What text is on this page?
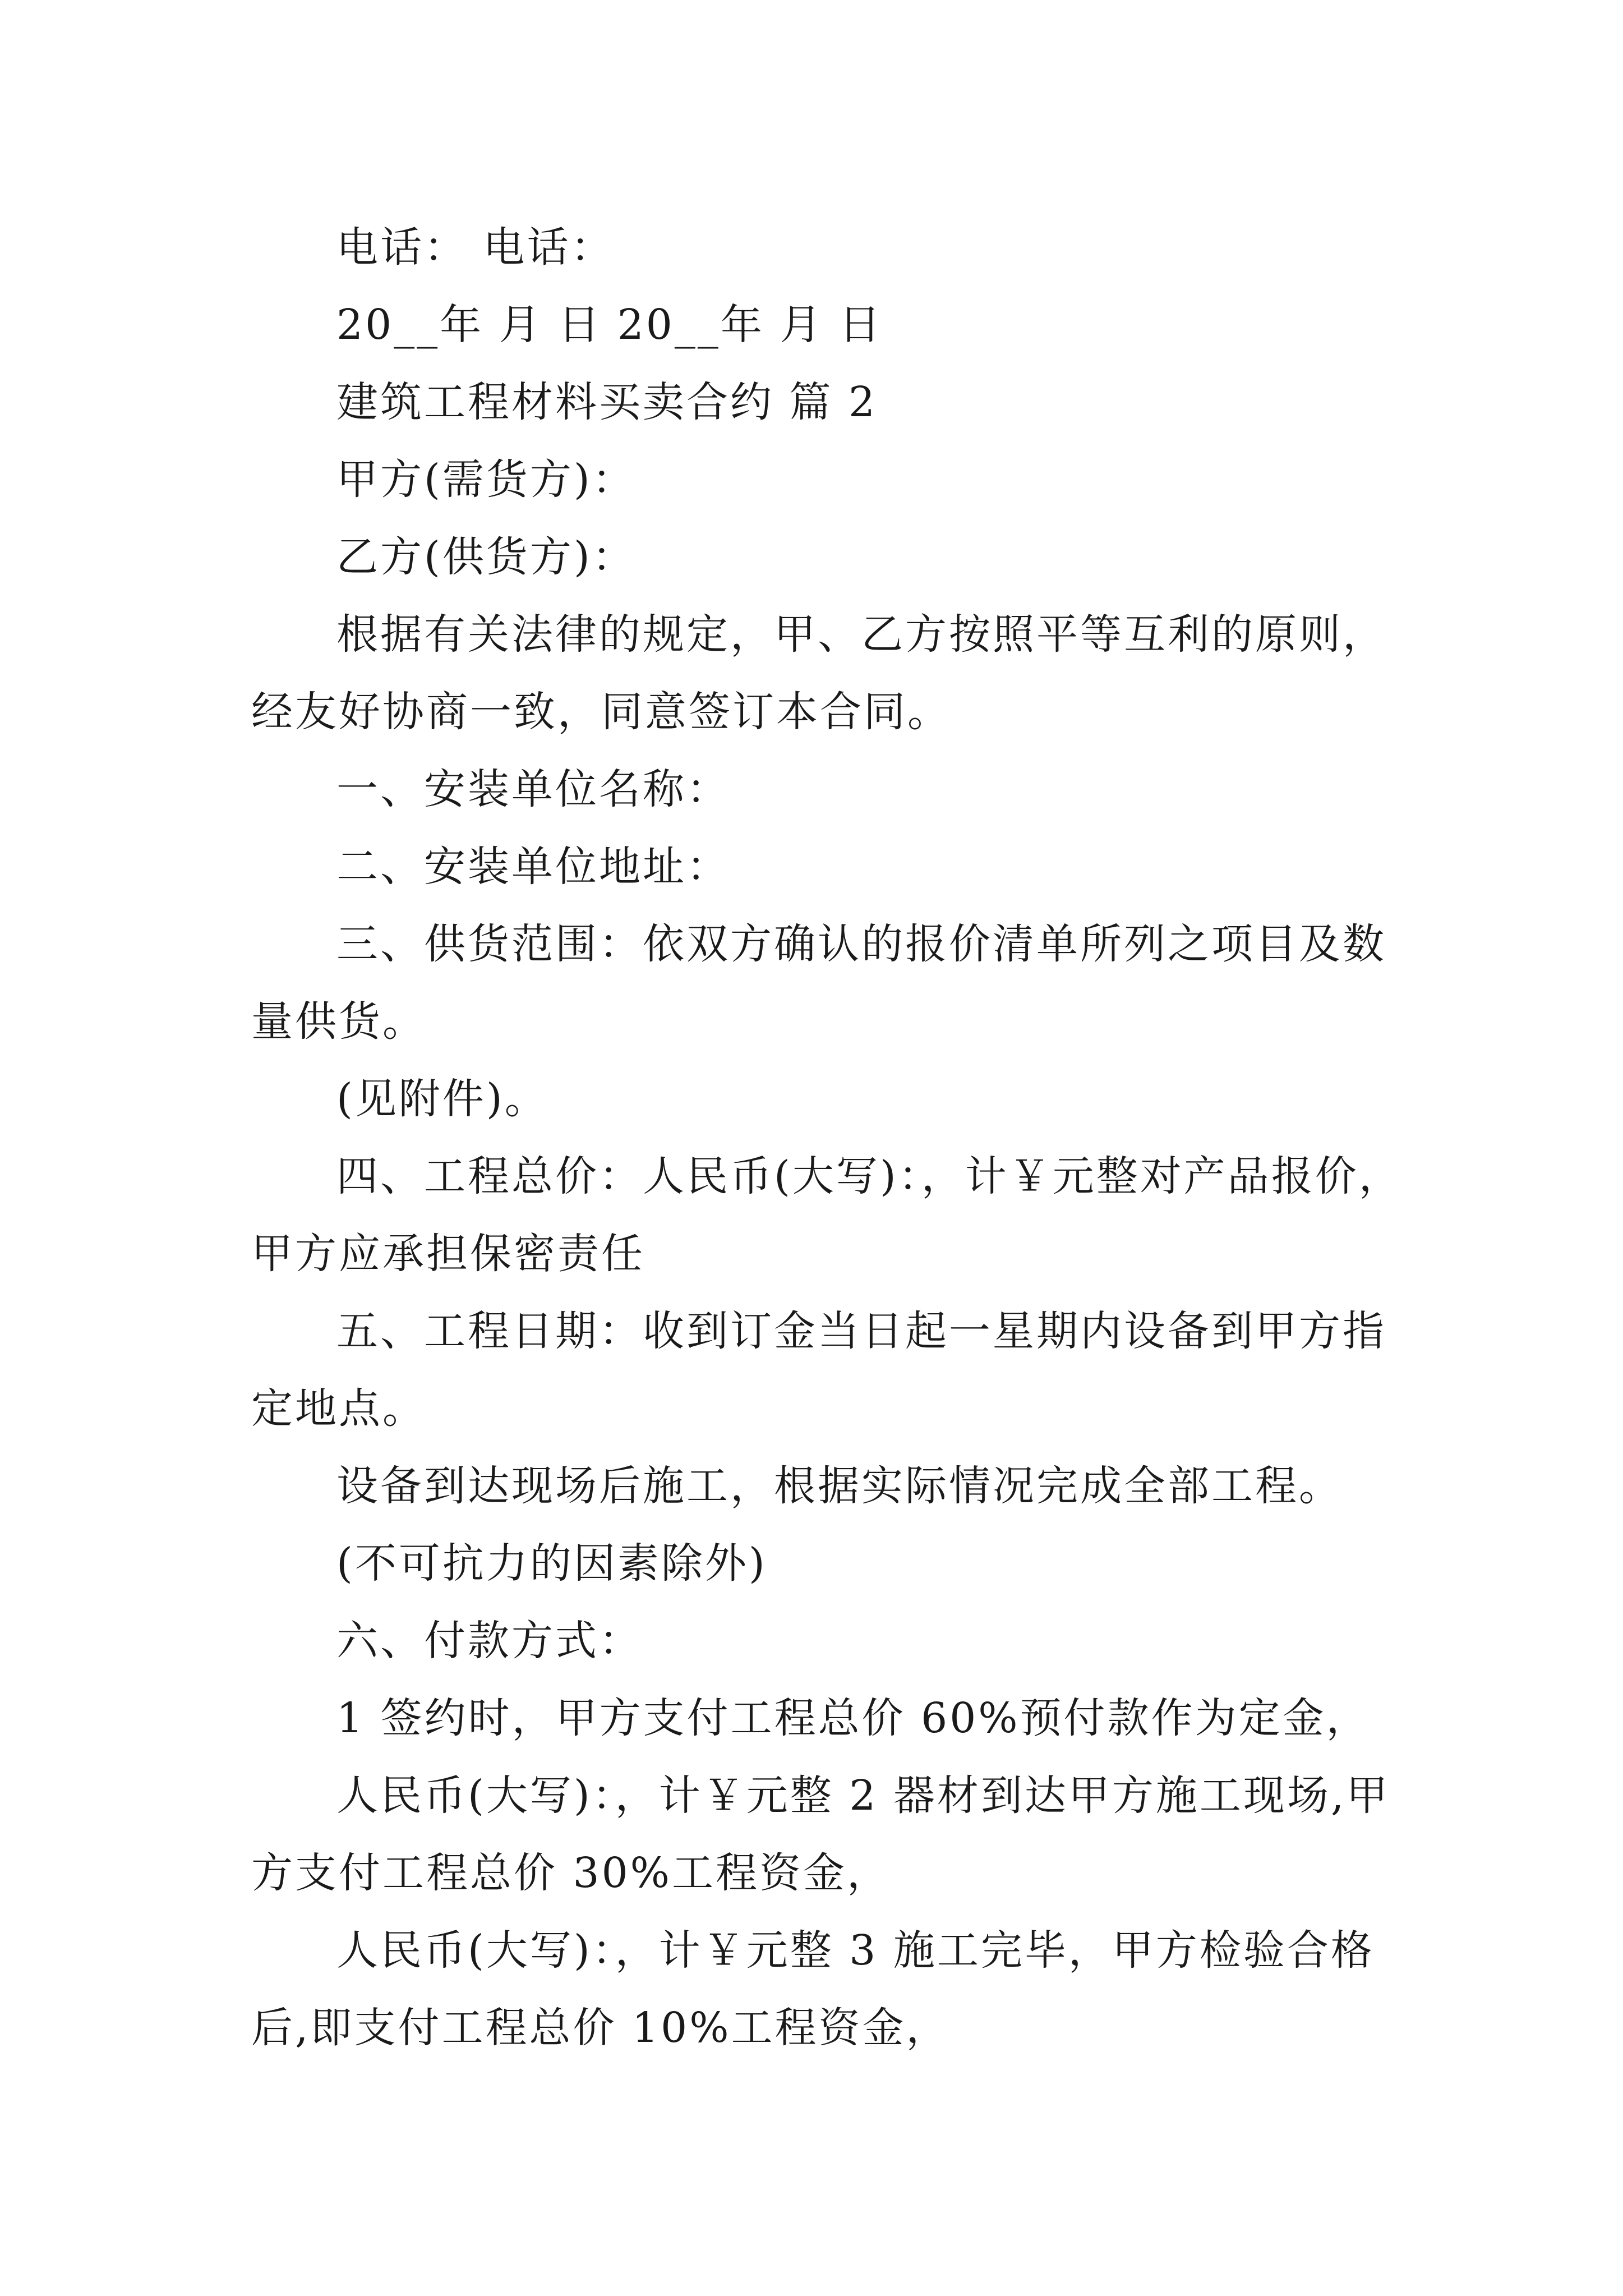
电话： 电话：
20__年 月 日 20__年 月 日
建筑工程材料买卖合约 篇 2
甲方(需货方)：
乙方(供货方)：
根据有关法律的规定，甲、乙方按照平等互利的原则，
经友好协商一致，同意签订本合同。
一、安装单位名称：
二、安装单位地址：
三、供货范围：依双方确认的报价清单所列之项目及数
量供货。
(见附件)。
四、工程总价：人民币(大写)：，计￥元整对产品报价，
甲方应承担保密责任
五、工程日期：收到订金当日起一星期内设备到甲方指
定地点。
设备到达现场后施工，根据实际情况完成全部工程。
(不可抗力的因素除外)
六、付款方式：
1 签约时，甲方支付工程总价 60%预付款作为定金，
人民币(大写)：，计￥元整 2 器材到达甲方施工现场,甲
方支付工程总价 30%工程资金，
人民币(大写)：，计￥元整 3 施工完毕，甲方检验合格
后,即支付工程总价 10%工程资金，
